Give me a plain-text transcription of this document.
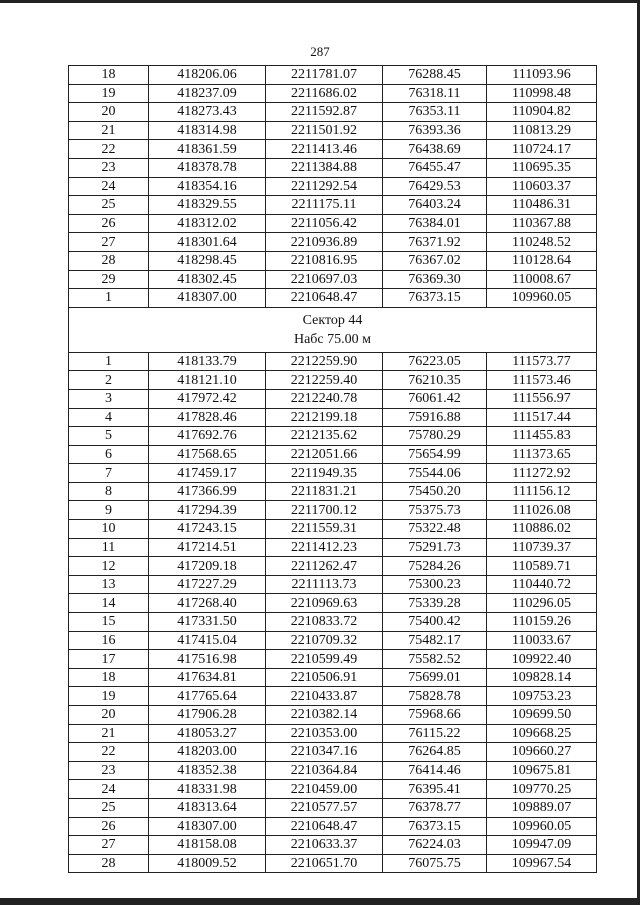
287
18	418206.06	2211781.07	76288.45	111093.96
19	418237.09	2211686.02	76318.11	110998.48
20	418273.43	2211592.87	76353.11	110904.82
21	418314.98	2211501.92	76393.36	110813.29
22	418361.59	2211413.46	76438.69	110724.17
23	418378.78	2211384.88	76455.47	110695.35
24	418354.16	2211292.54	76429.53	110603.37
25	418329.55	2211175.11	76403.24	110486.31
26	418312.02	2211056.42	76384.01	110367.88
27	418301.64	2210936.89	76371.92	110248.52
28	418298.45	2210816.95	76367.02	110128.64
29	418302.45	2210697.03	76369.30	110008.67
1	418307.00	2210648.47	76373.15	109960.05

Сектор 44
Набс 75.00 м				

1	418133.79	2212259.90	76223.05	111573.77
2	418121.10	2212259.40	76210.35	111573.46
3	417972.42	2212240.78	76061.42	111556.97
4	417828.46	2212199.18	75916.88	111517.44
5	417692.76	2212135.62	75780.29	111455.83
6	417568.65	2212051.66	75654.99	111373.65
7	417459.17	2211949.35	75544.06	111272.92
8	417366.99	2211831.21	75450.20	111156.12
9	417294.39	2211700.12	75375.73	111026.08
10	417243.15	2211559.31	75322.48	110886.02
11	417214.51	2211412.23	75291.73	110739.37
12	417209.18	2211262.47	75284.26	110589.71
13	417227.29	2211113.73	75300.23	110440.72
14	417268.40	2210969.63	75339.28	110296.05
15	417331.50	2210833.72	75400.42	110159.26
16	417415.04	2210709.32	75482.17	110033.67
17	417516.98	2210599.49	75582.52	109922.40
18	417634.81	2210506.91	75699.01	109828.14
19	417765.64	2210433.87	75828.78	109753.23
20	417906.28	2210382.14	75968.66	109699.50
21	418053.27	2210353.00	76115.22	109668.25
22	418203.00	2210347.16	76264.85	109660.27
23	418352.38	2210364.84	76414.46	109675.81
24	418331.98	2210459.00	76395.41	109770.25
25	418313.64	2210577.57	76378.77	109889.07
26	418307.00	2210648.47	76373.15	109960.05
27	418158.08	2210633.37	76224.03	109947.09
28	418009.52	2210651.70	76075.75	109967.54
